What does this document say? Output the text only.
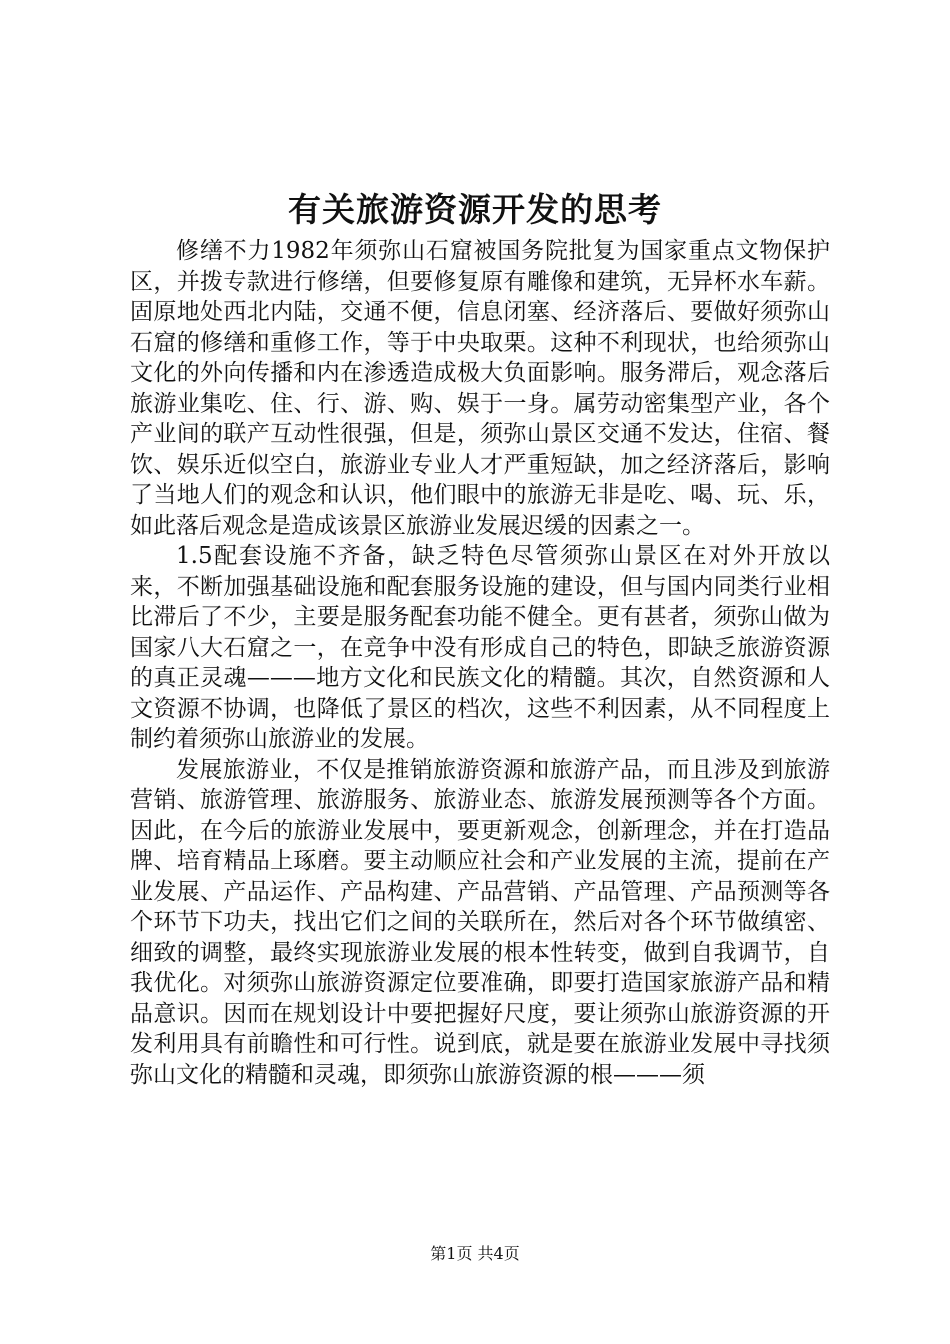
有关旅游资源开发的思考

修缮不力1982年须弥山石窟被国务院批复为国家重点文物保护区，并拨专款进行修缮，但要修复原有雕像和建筑，无异杯水车薪。固原地处西北内陆，交通不便，信息闭塞、经济落后、要做好须弥山石窟的修缮和重修工作，等于中央取栗。这种不利现状，也给须弥山文化的外向传播和内在渗透造成极大负面影响。服务滞后，观念落后旅游业集吃、住、行、游、购、娱于一身。属劳动密集型产业，各个产业间的联产互动性很强，但是，须弥山景区交通不发达，住宿、餐饮、娱乐近似空白，旅游业专业人才严重短缺，加之经济落后，影响了当地人们的观念和认识，他们眼中的旅游无非是吃、喝、玩、乐，如此落后观念是造成该景区旅游业发展迟缓的因素之一。

1.5配套设施不齐备，缺乏特色尽管须弥山景区在对外开放以来，不断加强基础设施和配套服务设施的建设，但与国内同类行业相比滞后了不少，主要是服务配套功能不健全。更有甚者，须弥山做为国家八大石窟之一，在竞争中没有形成自己的特色，即缺乏旅游资源的真正灵魂———地方文化和民族文化的精髓。其次，自然资源和人文资源不协调，也降低了景区的档次，这些不利因素，从不同程度上制约着须弥山旅游业的发展。

发展旅游业，不仅是推销旅游资源和旅游产品，而且涉及到旅游营销、旅游管理、旅游服务、旅游业态、旅游发展预测等各个方面。因此，在今后的旅游业发展中，要更新观念，创新理念，并在打造品牌、培育精品上琢磨。要主动顺应社会和产业发展的主流，提前在产业发展、产品运作、产品构建、产品营销、产品管理、产品预测等各个环节下功夫，找出它们之间的关联所在，然后对各个环节做缜密、细致的调整，最终实现旅游业发展的根本性转变，做到自我调节，自我优化。对须弥山旅游资源定位要准确，即要打造国家旅游产品和精品意识。因而在规划设计中要把握好尺度，要让须弥山旅游资源的开发利用具有前瞻性和可行性。说到底，就是要在旅游业发展中寻找须弥山文化的精髓和灵魂，即须弥山旅游资源的根———须

第1页 共4页
